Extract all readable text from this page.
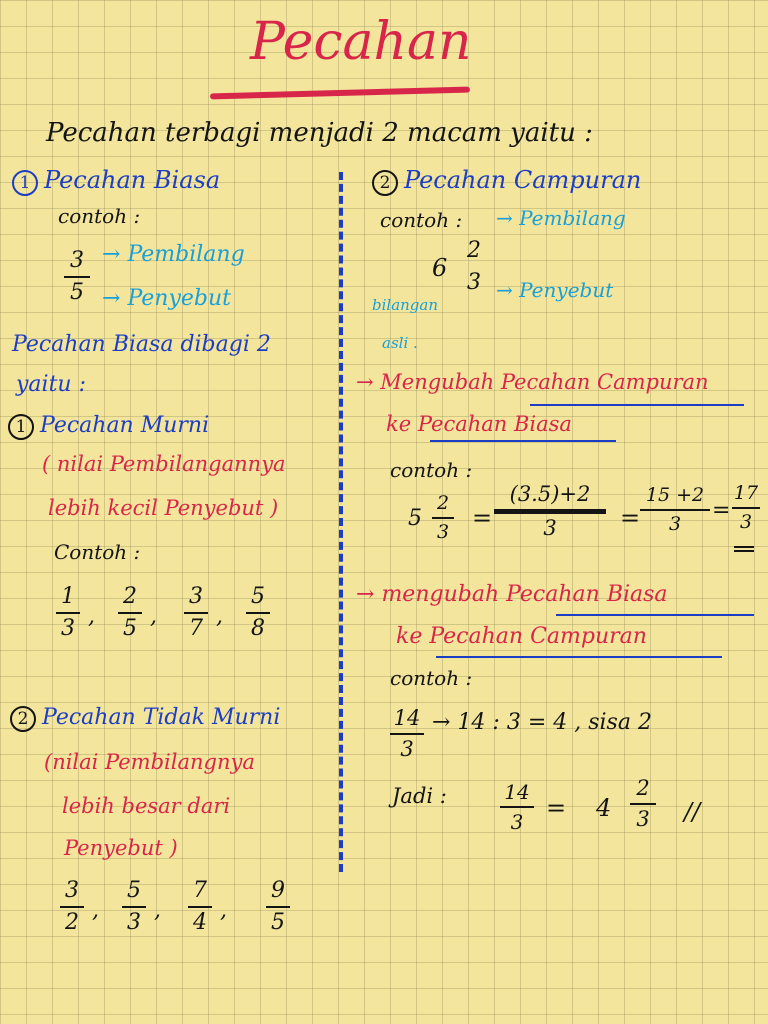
Pecahan
Pecahan terbagi menjadi 2 macam yaitu :
1 Pecahan Biasa
contoh :
3
5
→ Pembilang
→ Penyebut
Pecahan Biasa dibagi 2
yaitu :
1 Pecahan Murni
( nilai Pembilangannya
lebih kecil Penyebut )
Contoh :
1
3 ,
2
5 ,
3
7 ,
5
8
2 Pecahan Tidak Murni
(nilai Pembilangnya
lebih besar dari
Penyebut )
3
2 ,
5
3 ,
7
4 ,
9
5
2 Pecahan Campuran
contoh : → Pembilang
6
2
3 → Penyebut
bilangan
asli .
→ Mengubah Pecahan Campuran
ke Pecahan Biasa
contoh :
5
2
3 =
(3.5)+2
3	=
15 +2
3
=
17
3
→ mengubah Pecahan Biasa
ke Pecahan Campuran
contoh :
14
3
→ 14 : 3 = 4 , sisa 2
Jadi :	14
3 = 4
2
3 //
